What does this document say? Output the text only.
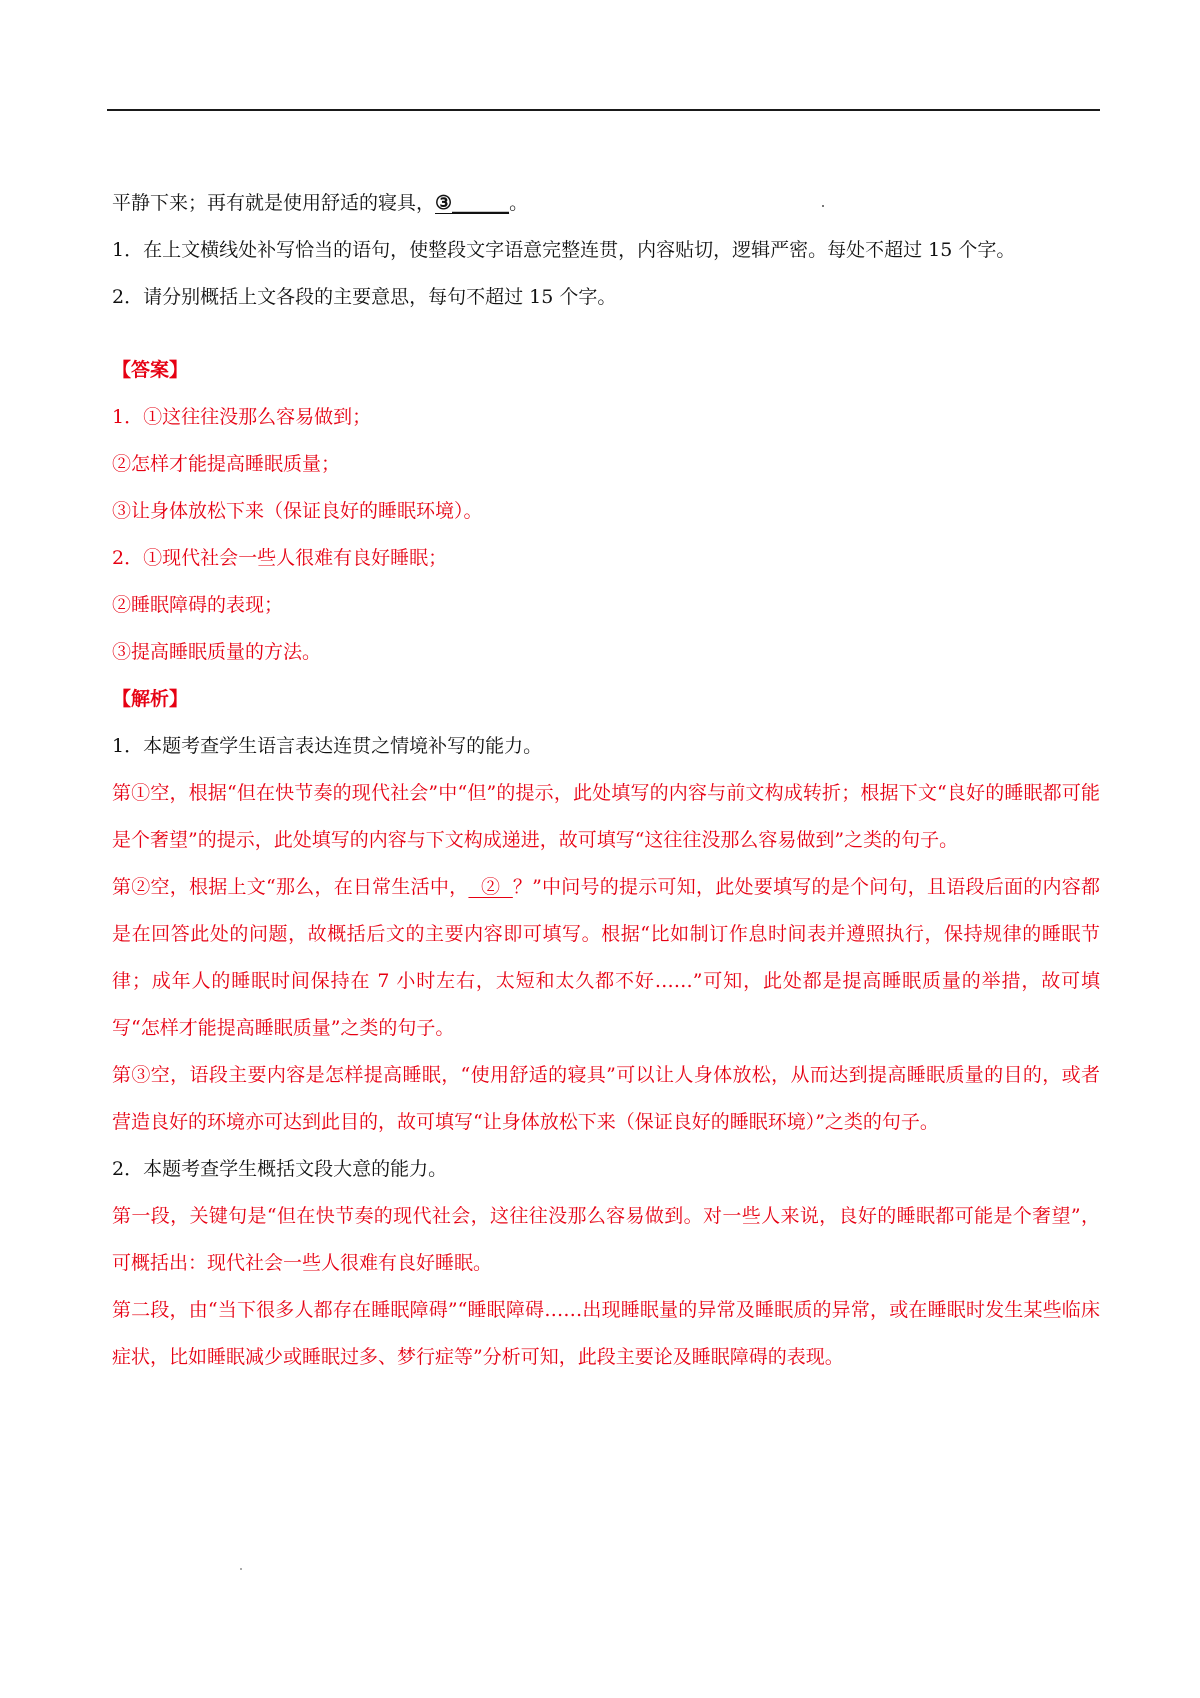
平静下来；再有就是使用舒适的寝具，③______。
1．在上文横线处补写恰当的语句，使整段文字语意完整连贯，内容贴切，逻辑严密。每处不超过 15 个字。
2．请分别概括上文各段的主要意思，每句不超过 15 个字。
【答案】
1．①这往往没那么容易做到；
②怎样才能提高睡眠质量；
③让身体放松下来（保证良好的睡眠环境）。
2．①现代社会一些人很难有良好睡眠；
②睡眠障碍的表现；
③提高睡眠质量的方法。
【解析】
1．本题考查学生语言表达连贯之情境补写的能力。
第①空，根据“但在快节奏的现代社会”中“但”的提示，此处填写的内容与前文构成转折；根据下文“良好的睡眠都可能是个奢望”的提示，此处填写的内容与下文构成递进，故可填写“这往往没那么容易做到”之类的句子。
第②空，根据上文“那么，在日常生活中，  ②  ？”中问号的提示可知，此处要填写的是个问句，且语段后面的内容都是在回答此处的问题，故概括后文的主要内容即可填写。根据“比如制订作息时间表并遵照执行，保持规律的睡眠节律；成年人的睡眠时间保持在 7 小时左右，太短和太久都不好……”可知，此处都是提高睡眠质量的举措，故可填写“怎样才能提高睡眠质量”之类的句子。
第③空，语段主要内容是怎样提高睡眠，“使用舒适的寝具”可以让人身体放松，从而达到提高睡眠质量的目的，或者营造良好的环境亦可达到此目的，故可填写“让身体放松下来（保证良好的睡眠环境）”之类的句子。
2．本题考查学生概括文段大意的能力。
第一段，关键句是“但在快节奏的现代社会，这往往没那么容易做到。对一些人来说，良好的睡眠都可能是个奢望”，可概括出：现代社会一些人很难有良好睡眠。
第二段，由“当下很多人都存在睡眠障碍”“睡眠障碍……出现睡眠量的异常及睡眠质的异常，或在睡眠时发生某些临床症状，比如睡眠减少或睡眠过多、梦行症等”分析可知，此段主要论及睡眠障碍的表现。
